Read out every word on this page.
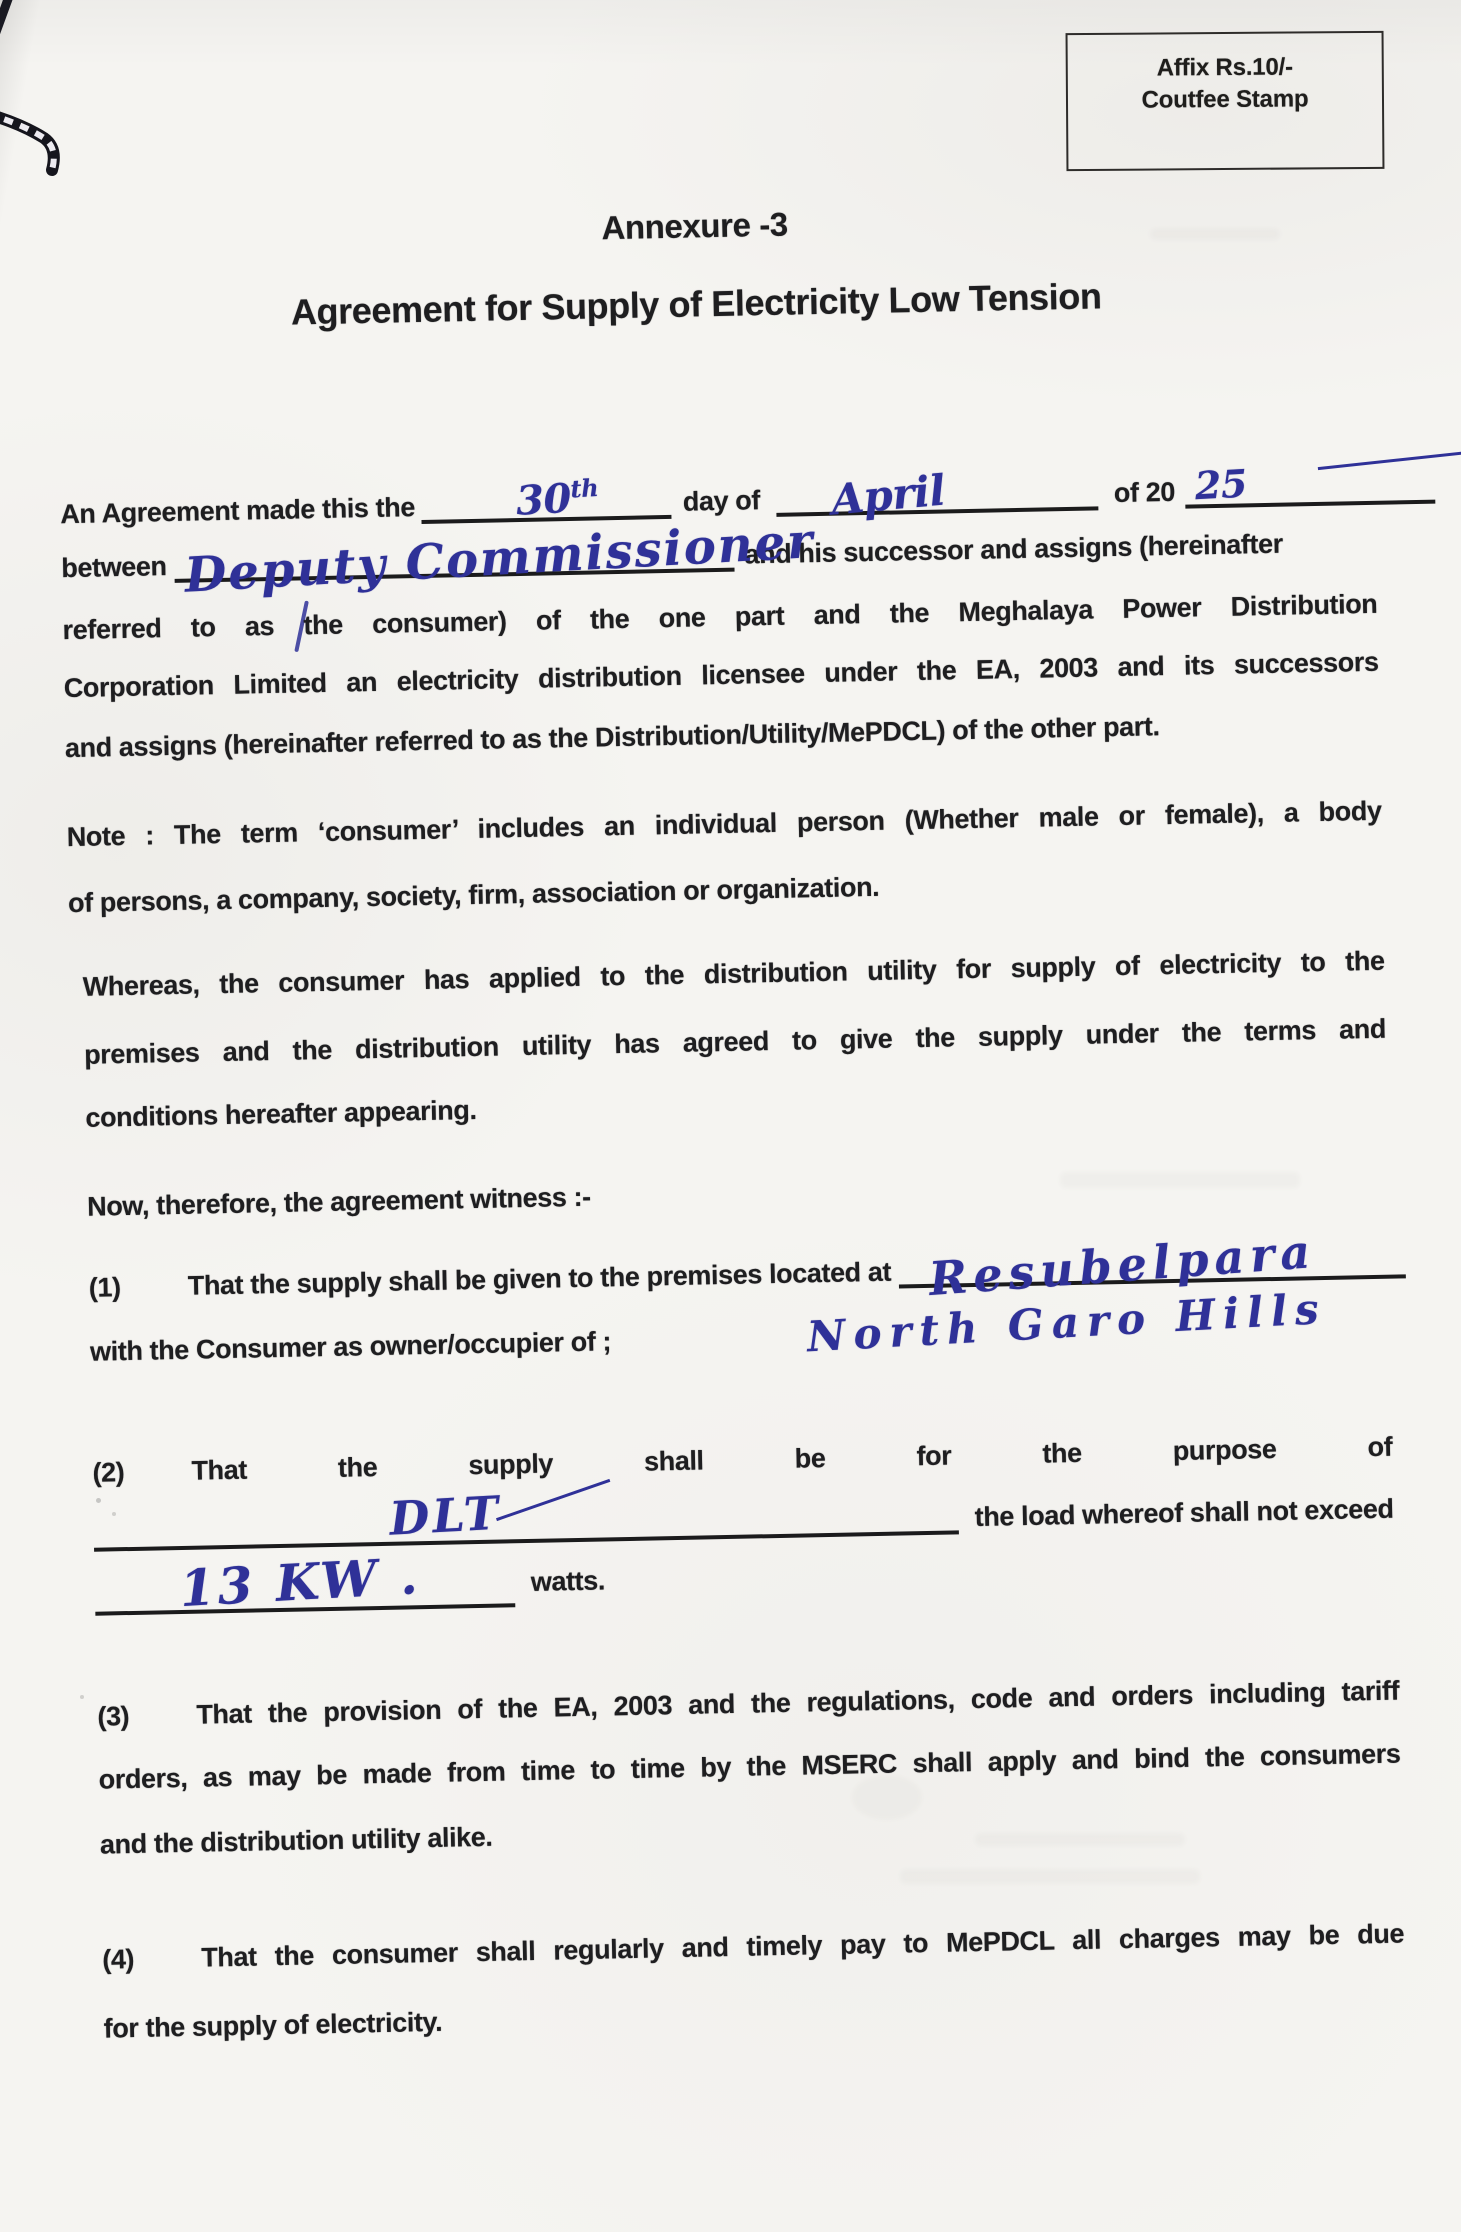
Affix Rs.10/-
Coutfee Stamp
Annexure -3
Agreement for Supply of Electricity Low Tension
An Agreement made this the 30th	day of April	of 20 25
between Deputy Commissioner
and his successor and assigns (hereinafter
referred to as the consumer) of the one part and the Meghalaya Power Distribution
Corporation Limited an electricity distribution licensee under the EA, 2003 and its successors
and assigns (hereinafter referred to as the Distribution/Utility/MePDCL) of the other part.
Note : The term ‘consumer’ includes an individual person (Whether male or female), a body
of persons, a company, society, firm, association or organization.
Whereas, the consumer has applied to the distribution utility for supply of electricity to the
premises and the distribution utility has agreed to give the supply under the terms and
conditions hereafter appearing.
Now, therefore, the agreement witness :-
(1)	That the supply shall be given to the premises located at Resubelpara
North Garo Hills
with the Consumer as owner/occupier of ;
(2)	That the supply shall be for the purpose of
DLT	the load whereof shall not exceed
13 KW .	watts.
(3)	That the provision of the EA, 2003 and the regulations, code and orders including tariff
orders, as may be made from time to time by the MSERC shall apply and bind the consumers
and the distribution utility alike.
(4)	That the consumer shall regularly and timely pay to MePDCL all charges may be due
for the supply of electricity.
